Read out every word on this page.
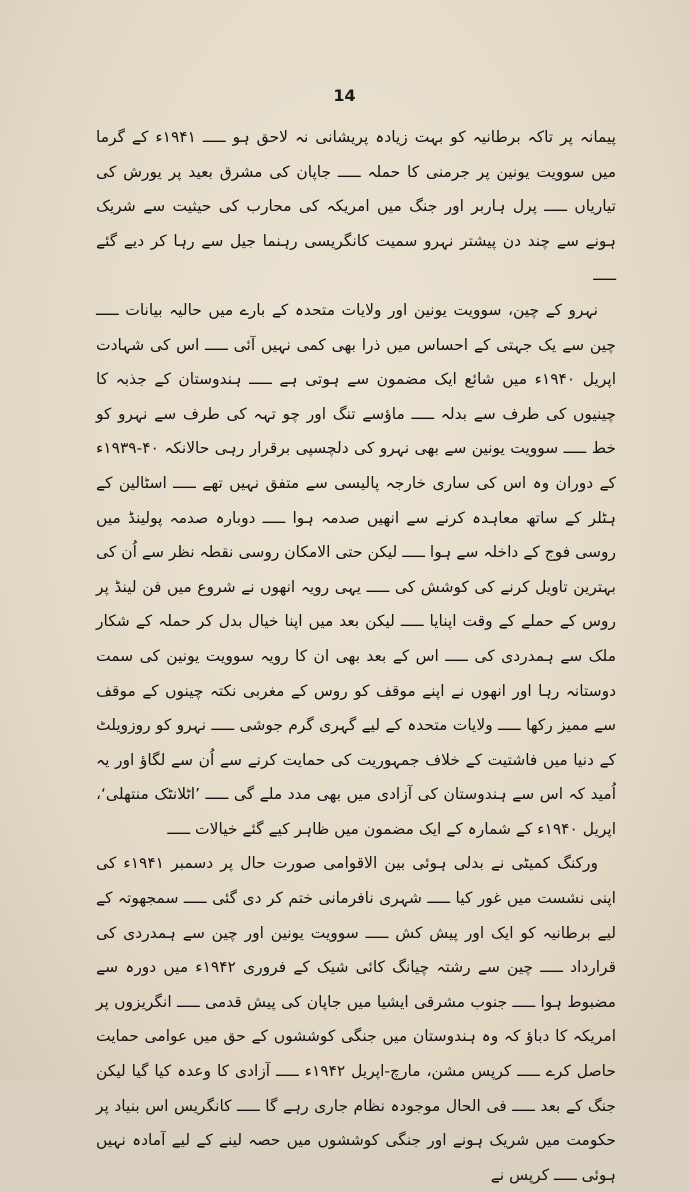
14

پیمانہ پر تاکہ برطانیہ کو بہت زیادہ پریشانی نہ لاحق ہو ـــــ ۱۹۴۱ء کے گرما میں سوویت یونین پر جرمنی کا حملہ ـــــ جاپان کی مشرق بعید پر یورش کی تیاریاں ـــــ پرل ہاربر اور جنگ میں امریکہ کی محارب کی حیثیت سے شریک ہونے سے چند دن پیشتر نہرو سمیت کانگریسی رہنما جیل سے رہا کر دیے گئے ـــــ

نہرو کے چین، سوویت یونین اور ولایات متحدہ کے بارے میں حالیہ بیانات ـــــ چین سے یک جہتی کے احساس میں ذرا بھی کمی نہیں آئی ـــــ اس کی شہادت اپریل ۱۹۴۰ء میں شائع ایک مضمون سے ہوتی ہے ـــــ ہندوستان کے جذبہ کا چینیوں کی طرف سے بدلہ ـــــ ماؤسے تنگ اور چو تہہ کی طرف سے نہرو کو خط ـــــ سوویت یونین سے بھی نہرو کی دلچسپی برقرار رہی حالانکہ ۴۰-۱۹۳۹ء کے دوران وہ اس کی ساری خارجہ پالیسی سے متفق نہیں تھے ـــــ اسٹالین کے ہٹلر کے ساتھ معاہدہ کرنے سے انھیں صدمہ ہوا ـــــ دوبارہ صدمہ پولینڈ میں روسی فوج کے داخلہ سے ہوا ـــــ لیکن حتی الامکان روسی نقطہ نظر سے اُن کی بہترین تاویل کرنے کی کوشش کی ـــــ یہی رویہ انھوں نے شروع میں فن لینڈ پر روس کے حملے کے وقت اپنایا ـــــ لیکن بعد میں اپنا خیال بدل کر حملہ کے شکار ملک سے ہمدردی کی ـــــ اس کے بعد بھی ان کا رویہ سوویت یونین کی سمت دوستانہ رہا اور انھوں نے اپنے موقف کو روس کے مغربی نکتہ چینوں کے موقف سے ممیز رکھا ـــــ ولایات متحدہ کے لیے گہری گرم جوشی ـــــ نہرو کو روزویلٹ کے دنیا میں فاشتیت کے خلاف جمہوریت کی حمایت کرنے سے اُن سے لگاؤ اور یہ اُمید کہ اس سے ہندوستان کی آزادی میں بھی مدد ملے گی ـــــ ’اٹلانٹک منتھلی‘، اپریل ۱۹۴۰ء کے شمارہ کے ایک مضمون میں ظاہر کیے گئے خیالات ـــــ

ورکنگ کمیٹی نے بدلی ہوئی بین الاقوامی صورت حال پر دسمبر ۱۹۴۱ء کی اپنی نشست میں غور کیا ـــــ شہری نافرمانی ختم کر دی گئی ـــــ سمجھوتہ کے لیے برطانیہ کو ایک اور پیش کش ـــــ سوویت یونین اور چین سے ہمدردی کی قرارداد ـــــ چین سے رشتہ چیانگ کائی شیک کے فروری ۱۹۴۲ء میں دورہ سے مضبوط ہوا ـــــ جنوب مشرقی ایشیا میں جاپان کی پیش قدمی ـــــ انگریزوں پر امریکہ کا دباؤ کہ وہ ہندوستان میں جنگی کوششوں کے حق میں عوامی حمایت حاصل کرے ـــــ کرپس مشن، مارچ-اپریل ۱۹۴۲ء ـــــ آزادی کا وعدہ کیا گیا لیکن جنگ کے بعد ـــــ فی الحال موجودہ نظام جاری رہے گا ـــــ کانگریس اس بنیاد پر حکومت میں شریک ہونے اور جنگی کوششوں میں حصہ لینے کے لیے آمادہ نہیں ہوئی ـــــ کرپس نے
